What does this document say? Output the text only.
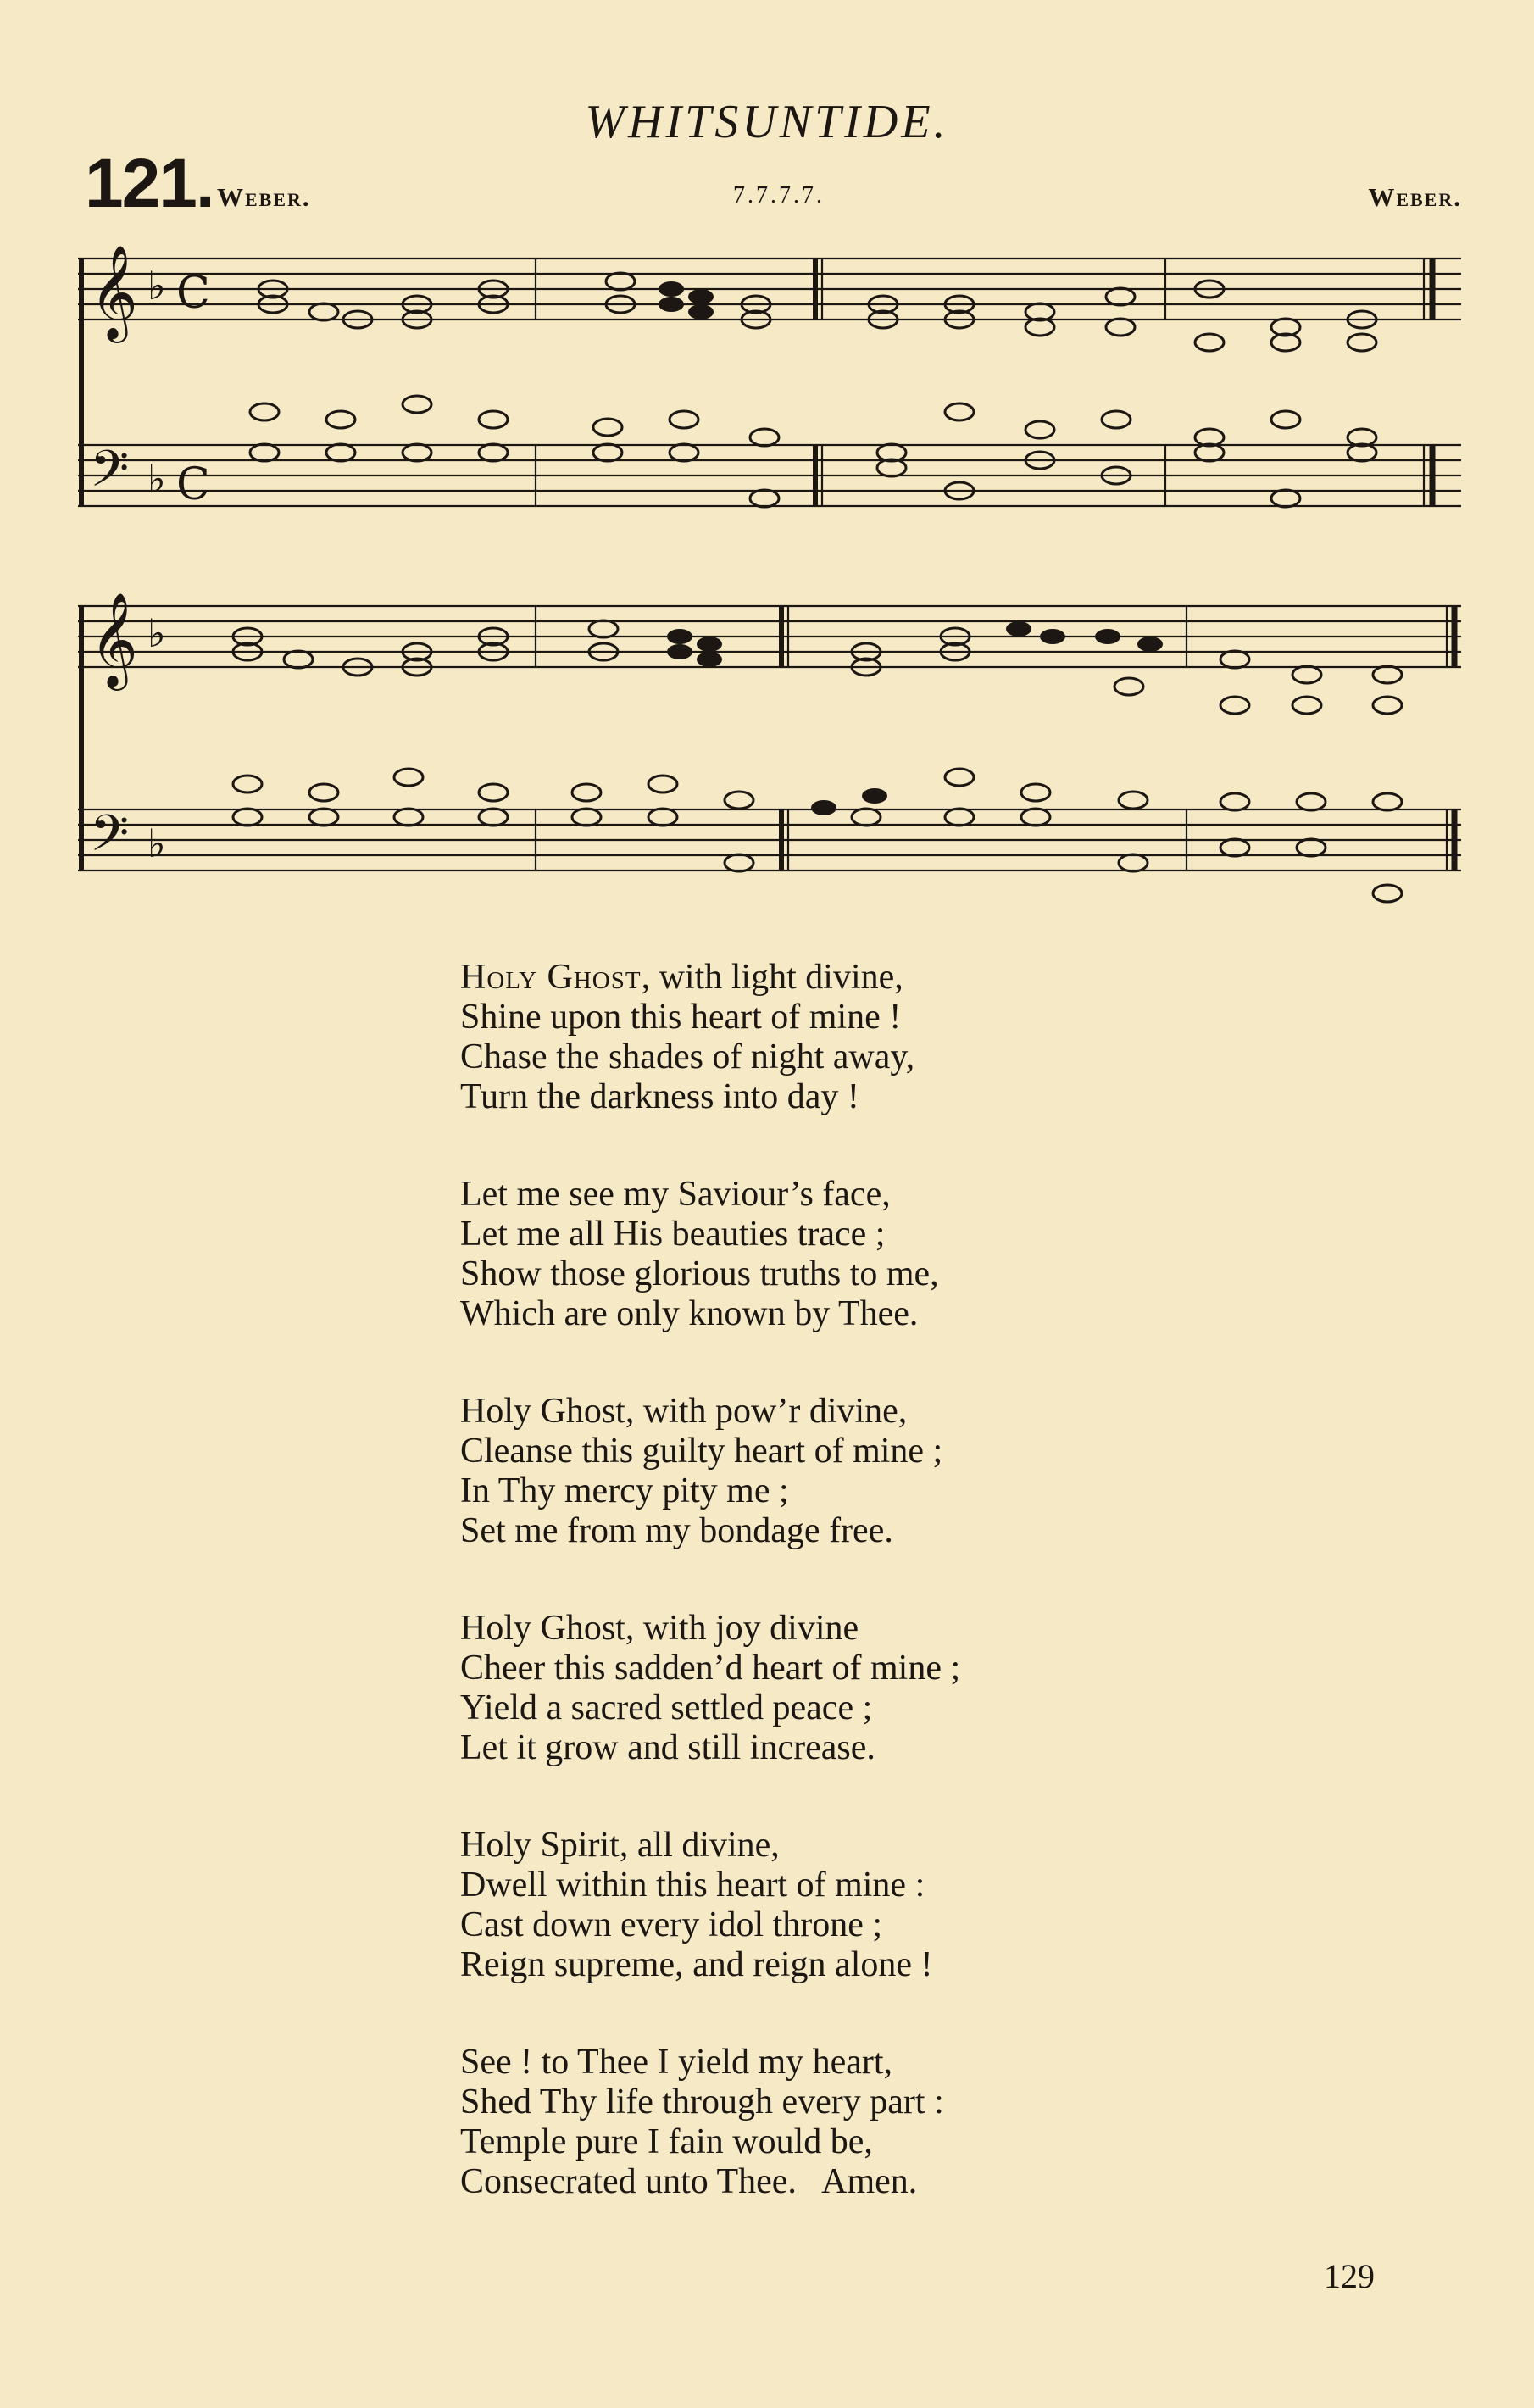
WHITSUNTIDE.
121. Weber.	7.7.7.7.	Weber.
𝄞
𝄢
♭ C
♭ C
𝄞
𝄢
♭
♭
Holy Ghost, with light divine,
Shine upon this heart of mine !
Chase the shades of night away,
Turn the darkness into day !
Let me see my Saviour’s face,
Let me all His beauties trace ;
Show those glorious truths to me,
Which are only known by Thee.
Holy Ghost, with pow’r divine,
Cleanse this guilty heart of mine ;
In Thy mercy pity me ;
Set me from my bondage free.
Holy Ghost, with joy divine
Cheer this sadden’d heart of mine ;
Yield a sacred settled peace ;
Let it grow and still increase.
Holy Spirit, all divine,
Dwell within this heart of mine :
Cast down every idol throne ;
Reign supreme, and reign alone !
See ! to Thee I yield my heart,
Shed Thy life through every part :
Temple pure I fain would be,
Consecrated unto Thee.   Amen.
129
